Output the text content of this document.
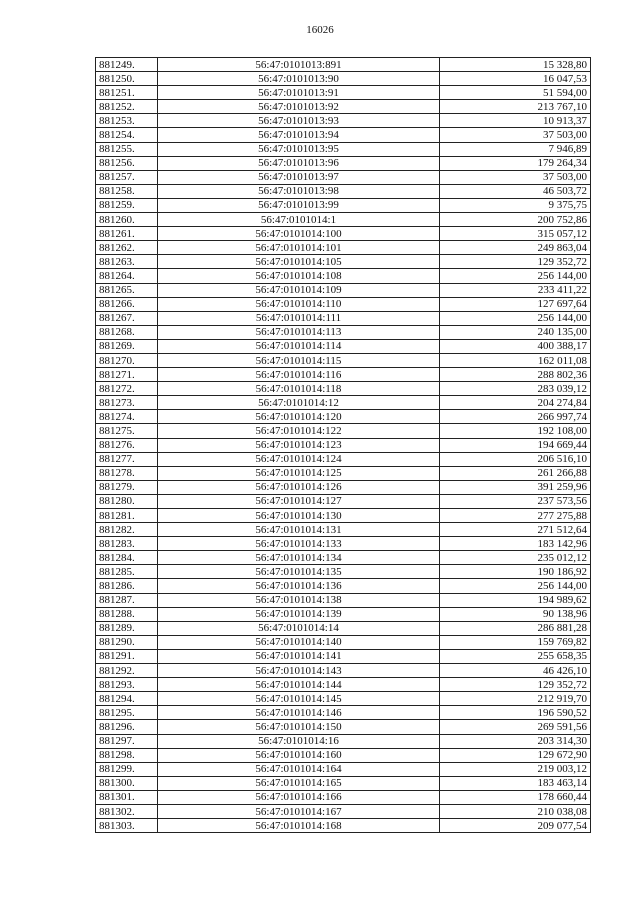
16026
881249.	56:47:0101013:891	15 328,80
881250.	56:47:0101013:90	16 047,53
881251.	56:47:0101013:91	51 594,00
881252.	56:47:0101013:92	213 767,10
881253.	56:47:0101013:93	10 913,37
881254.	56:47:0101013:94	37 503,00
881255.	56:47:0101013:95	7 946,89
881256.	56:47:0101013:96	179 264,34
881257.	56:47:0101013:97	37 503,00
881258.	56:47:0101013:98	46 503,72
881259.	56:47:0101013:99	9 375,75
881260.	56:47:0101014:1	200 752,86
881261.	56:47:0101014:100	315 057,12
881262.	56:47:0101014:101	249 863,04
881263.	56:47:0101014:105	129 352,72
881264.	56:47:0101014:108	256 144,00
881265.	56:47:0101014:109	233 411,22
881266.	56:47:0101014:110	127 697,64
881267.	56:47:0101014:111	256 144,00
881268.	56:47:0101014:113	240 135,00
881269.	56:47:0101014:114	400 388,17
881270.	56:47:0101014:115	162 011,08
881271.	56:47:0101014:116	288 802,36
881272.	56:47:0101014:118	283 039,12
881273.	56:47:0101014:12	204 274,84
881274.	56:47:0101014:120	266 997,74
881275.	56:47:0101014:122	192 108,00
881276.	56:47:0101014:123	194 669,44
881277.	56:47:0101014:124	206 516,10
881278.	56:47:0101014:125	261 266,88
881279.	56:47:0101014:126	391 259,96
881280.	56:47:0101014:127	237 573,56
881281.	56:47:0101014:130	277 275,88
881282.	56:47:0101014:131	271 512,64
881283.	56:47:0101014:133	183 142,96
881284.	56:47:0101014:134	235 012,12
881285.	56:47:0101014:135	190 186,92
881286.	56:47:0101014:136	256 144,00
881287.	56:47:0101014:138	194 989,62
881288.	56:47:0101014:139	90 138,96
881289.	56:47:0101014:14	286 881,28
881290.	56:47:0101014:140	159 769,82
881291.	56:47:0101014:141	255 658,35
881292.	56:47:0101014:143	46 426,10
881293.	56:47:0101014:144	129 352,72
881294.	56:47:0101014:145	212 919,70
881295.	56:47:0101014:146	196 590,52
881296.	56:47:0101014:150	269 591,56
881297.	56:47:0101014:16	203 314,30
881298.	56:47:0101014:160	129 672,90
881299.	56:47:0101014:164	219 003,12
881300.	56:47:0101014:165	183 463,14
881301.	56:47:0101014:166	178 660,44
881302.	56:47:0101014:167	210 038,08
881303.	56:47:0101014:168	209 077,54
